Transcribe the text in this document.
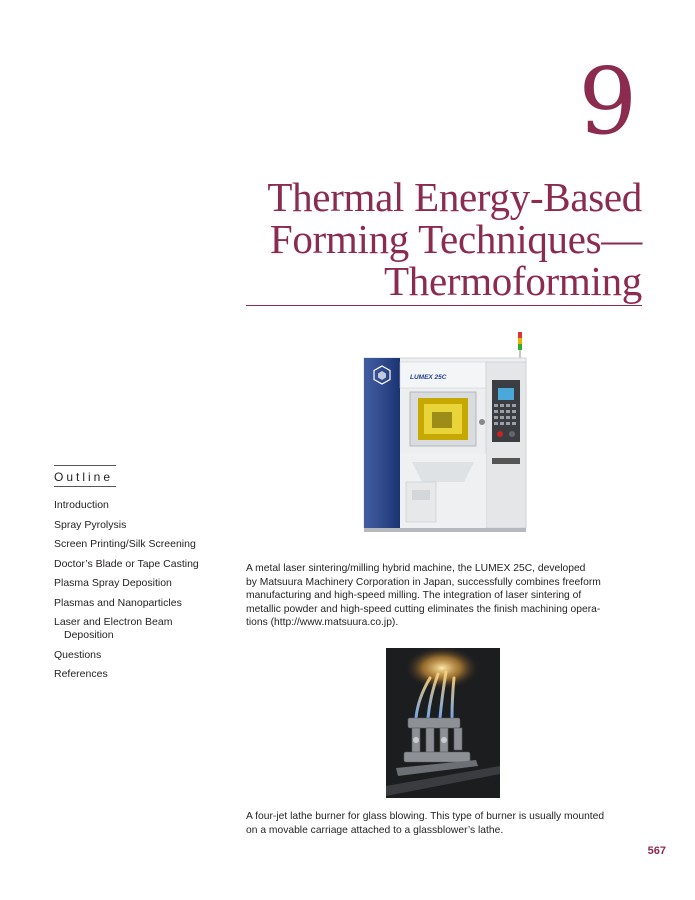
9
Thermal Energy-Based
Forming Techniques—
Thermoforming
Outline
Introduction
Spray Pyrolysis
Screen Printing/Silk Screening
Doctor’s Blade or Tape Casting
Plasma Spray Deposition
Plasmas and Nanoparticles
Laser and Electron Beam
Deposition
Questions
References
LUMEX 25C
A metal laser sintering/milling hybrid machine, the LUMEX 25C, developed
by Matsuura Machinery Corporation in Japan, successfully combines freeform
manufacturing and high-speed milling. The integration of laser sintering of
metallic powder and high-speed cutting eliminates the finish machining opera-
tions (http://www.matsuura.co.jp).
A four-jet lathe burner for glass blowing. This type of burner is usually mounted
on a movable carriage attached to a glassblower’s lathe.
567
